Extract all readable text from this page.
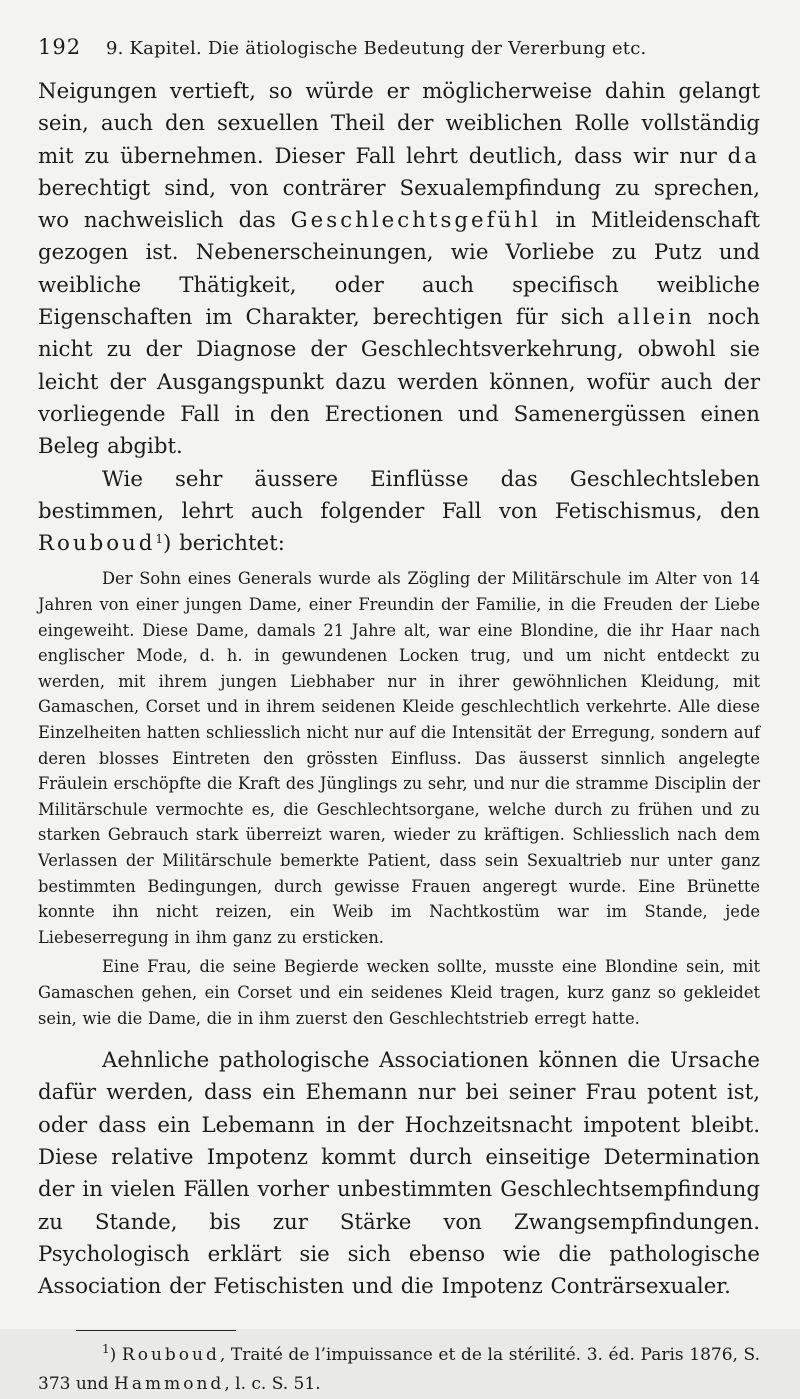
192	9. Kapitel. Die ätiologische Bedeutung der Vererbung etc.

Neigungen vertieft, so würde er möglicherweise dahin gelangt sein, auch den sexuellen Theil der weiblichen Rolle vollständig mit zu übernehmen. Dieser Fall lehrt deutlich, dass wir nur da berechtigt sind, von conträrer Sexualempfindung zu sprechen, wo nachweislich das Geschlechtsgefühl in Mitleidenschaft gezogen ist. Nebenerscheinungen, wie Vorliebe zu Putz und weibliche Thätigkeit, oder auch specifisch weibliche Eigenschaften im Charakter, berechtigen für sich allein noch nicht zu der Diagnose der Geschlechtsverkehrung, obwohl sie leicht der Ausgangspunkt dazu werden können, wofür auch der vorliegende Fall in den Erectionen und Samenergüssen einen Beleg abgibt.

Wie sehr äussere Einflüsse das Geschlechtsleben bestimmen, lehrt auch folgender Fall von Fetischismus, den Rouboud$^1$) berichtet:

Der Sohn eines Generals wurde als Zögling der Militärschule im Alter von 14 Jahren von einer jungen Dame, einer Freundin der Familie, in die Freuden der Liebe eingeweiht. Diese Dame, damals 21 Jahre alt, war eine Blondine, die ihr Haar nach englischer Mode, d. h. in gewundenen Locken trug, und um nicht entdeckt zu werden, mit ihrem jungen Liebhaber nur in ihrer gewöhnlichen Kleidung, mit Gamaschen, Corset und in ihrem seidenen Kleide geschlechtlich verkehrte. Alle diese Einzelheiten hatten schliesslich nicht nur auf die Intensität der Erregung, sondern auf deren blosses Eintreten den grössten Einfluss. Das äusserst sinnlich angelegte Fräulein erschöpfte die Kraft des Jünglings zu sehr, und nur die stramme Disciplin der Militärschule vermochte es, die Geschlechtsorgane, welche durch zu frühen und zu starken Gebrauch stark überreizt waren, wieder zu kräftigen. Schliesslich nach dem Verlassen der Militärschule bemerkte Patient, dass sein Sexualtrieb nur unter ganz bestimmten Bedingungen, durch gewisse Frauen angeregt wurde. Eine Brünette konnte ihn nicht reizen, ein Weib im Nachtkostüm war im Stande, jede Liebeserregung in ihm ganz zu ersticken.

Eine Frau, die seine Begierde wecken sollte, musste eine Blondine sein, mit Gamaschen gehen, ein Corset und ein seidenes Kleid tragen, kurz ganz so gekleidet sein, wie die Dame, die in ihm zuerst den Geschlechtstrieb erregt hatte.

Aehnliche pathologische Associationen können die Ursache dafür werden, dass ein Ehemann nur bei seiner Frau potent ist, oder dass ein Lebemann in der Hochzeitsnacht impotent bleibt. Diese relative Impotenz kommt durch einseitige Determination der in vielen Fällen vorher unbestimmten Geschlechtsempfindung zu Stande, bis zur Stärke von Zwangsempfindungen. Psychologisch erklärt sie sich ebenso wie die pathologische Association der Fetischisten und die Impotenz Conträrsexualer.

$^1$) Rouboud, Traité de l’impuissance et de la stérilité. 3. éd. Paris 1876, S. 373 und Hammond, l. c. S. 51.
